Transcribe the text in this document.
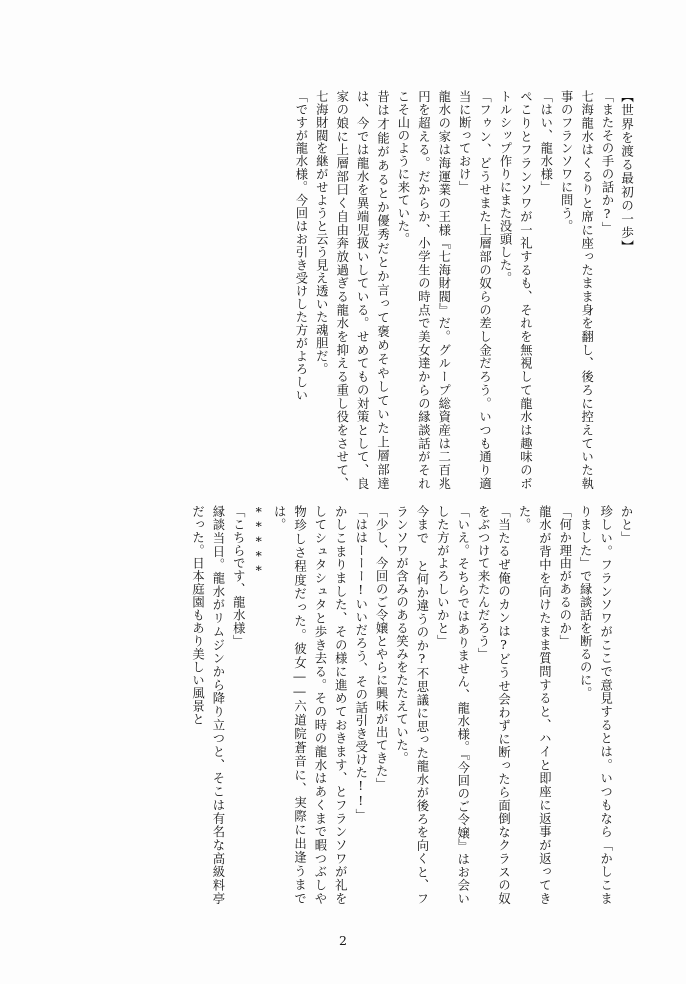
【世界を渡る最初の一歩】

「またその手の話か?」

七海龍水はくるりと席に座ったまま身を翻し、後ろに控えていた執事のフランソワに問う。

「はい、龍水様」

ぺこりとフランソワが一礼するも、それを無視して龍水は趣味のボトルシップ作りにまた没頭した。

「フゥン、どうせまた上層部の奴らの差し金だろう。いつも通り適当に断っておけ」

龍水の家は海運業の王様『七海財閥』だ。グループ総資産は二百兆円を超える。だからか、小学生の時点で美女達からの縁談話がそれこそ山のように来ていた。

昔は才能があるとか優秀だとか言って褒めそやしていた上層部達は、今では龍水を異端児扱いしている。せめてもの対策として、良家の娘に上層部曰く自由奔放過ぎる龍水を抑える重し役をさせて、七海財閥を継がせようと云う見え透いた魂胆だ。

「ですが龍水様。今回はお引き受けした方がよろしい

かと」

珍しい。フランソワがここで意見するとは。いつもなら「かしこまりました」で縁談話を断るのに。

「何か理由があるのか」

龍水が背中を向けたまま質問すると、ハイと即座に返事が返ってきた。

「当たるぜ俺のカンは?どうせ会わずに断ったら面倒なクラスの奴をぶつけて来たんだろう」

「いえ。そちらではありません、龍水様。『今回のご令嬢』はお会いした方がよろしいかと」

今まで と何か違うのか?不思議に思った龍水が後ろを向くと、フランソワが含みのある笑みをたたえていた。

「少し、今回のご令嬢とやらに興味が出てきた」

「ははーーー!いいだろう、その話引き受けた!!」

かしこまりました、その様に進めておきます、とフランソワが礼をしてシュタシュタと歩き去る。その時の龍水はあくまで暇つぶしや物珍しさ程度だった。彼女――六道院蒼音に、実際に出逢うまでは。

*****

「こちらです、龍水様」

縁談当日。龍水がリムジンから降り立つと、そこは有名な高級料亭だった。日本庭園もあり美しい風景と

2
